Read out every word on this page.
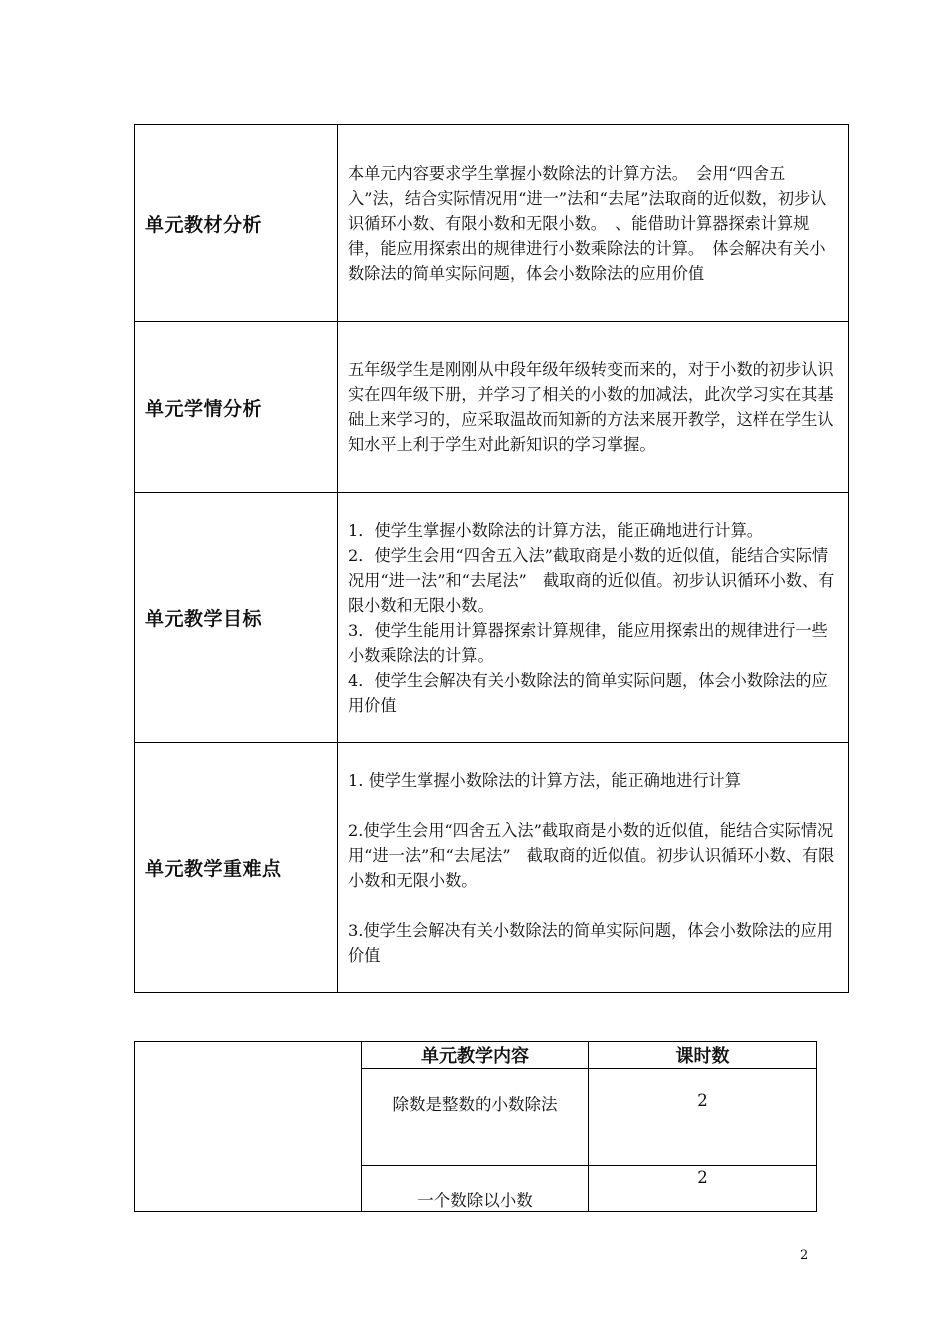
单元教材分析	本单元内容要求学生掌握小数除法的计算方法。　会用“四舍五入”法，结合实际情况用“进一”法和“去尾”法取商的近似数，初步认识循环小数、有限小数和无限小数。　、能借助计算器探索计算规律，能应用探索出的规律进行小数乘除法的计算。　体会解决有关小数除法的简单实际问题，体会小数除法的应用价值

单元学情分析	五年级学生是刚刚从中段年级年级转变而来的，对于小数的初步认识实在四年级下册，并学习了相关的小数的加减法，此次学习实在其基础上来学习的，应采取温故而知新的方法来展开教学，这样在学生认知水平上利于学生对此新知识的学习掌握。

单元教学目标	1．使学生掌握小数除法的计算方法，能正确地进行计算。

2．使学生会用“四舍五入法”截取商是小数的近似值，能结合实际情况用“进一法”和“去尾法”　截取商的近似值。初步认识循环小数、有限小数和无限小数。

3．使学生能用计算器探索计算规律，能应用探索出的规律进行一些小数乘除法的计算。

4．使学生会解决有关小数除法的简单实际问题，体会小数除法的应用价值

单元教学重难点	1. 使学生掌握小数除法的计算方法，能正确地进行计算

2.使学生会用“四舍五入法”截取商是小数的近似值，能结合实际情况用“进一法”和“去尾法”　截取商的近似值。初步认识循环小数、有限小数和无限小数。

3.使学生会解决有关小数除法的简单实际问题，体会小数除法的应用价值

	单元教学内容	课时数
	除数是整数的小数除法	2
	一个数除以小数	2
2
